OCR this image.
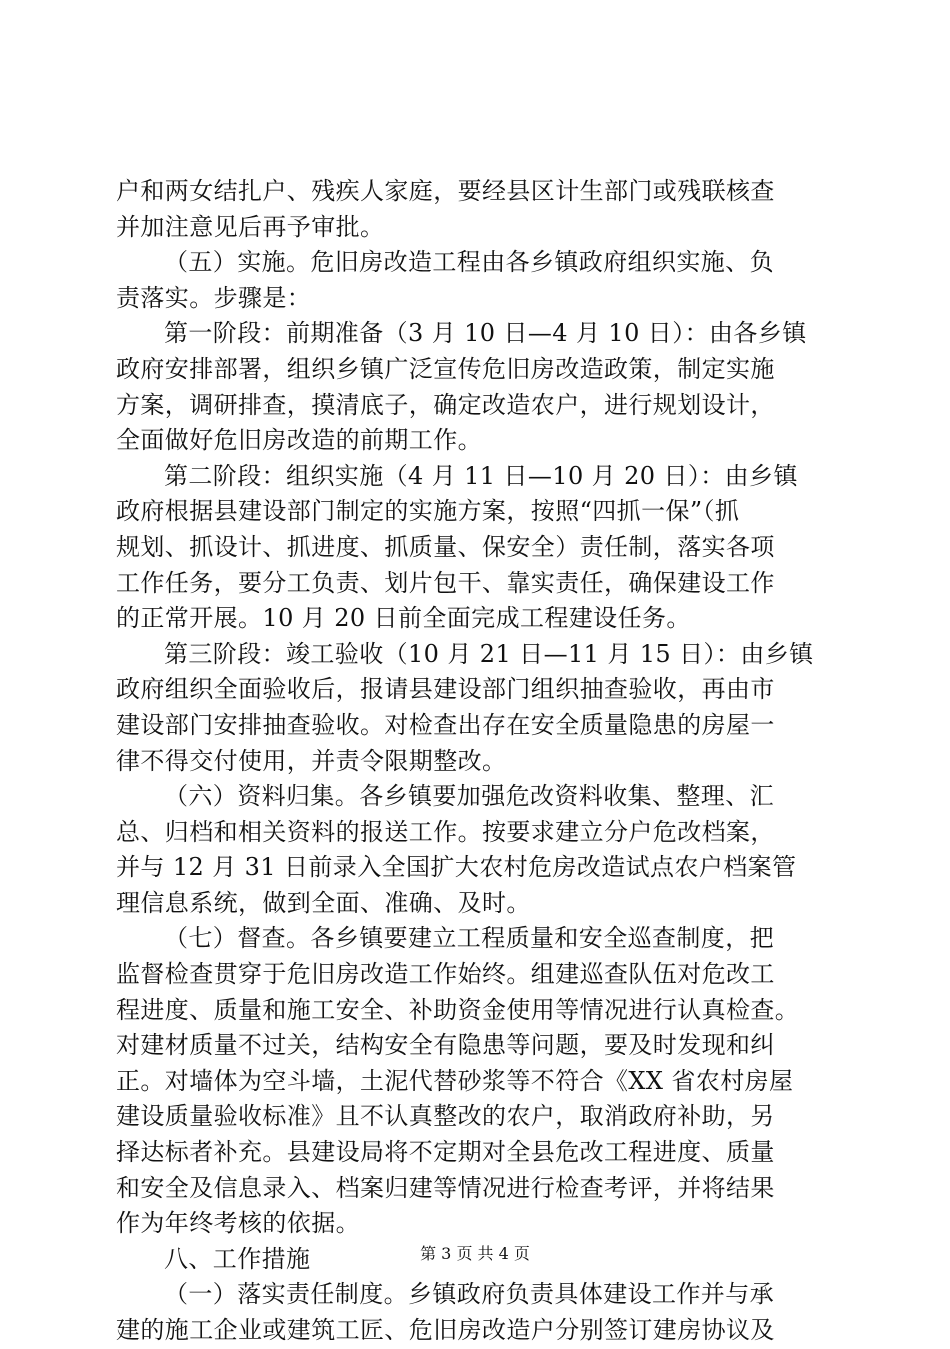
户和两女结扎户、残疾人家庭，要经县区计生部门或残联核查
并加注意见后再予审批。
（五）实施。危旧房改造工程由各乡镇政府组织实施、负
责落实。步骤是：
第一阶段：前期准备（3 月 10 日—4 月 10 日）：由各乡镇
政府安排部署，组织乡镇广泛宣传危旧房改造政策，制定实施
方案，调研排查，摸清底子，确定改造农户，进行规划设计，
全面做好危旧房改造的前期工作。
第二阶段：组织实施（4 月 11 日—10 月 20 日）：由乡镇
政府根据县建设部门制定的实施方案，按照“四抓一保”（抓
规划、抓设计、抓进度、抓质量、保安全）责任制，落实各项
工作任务，要分工负责、划片包干、靠实责任，确保建设工作
的正常开展。10 月 20 日前全面完成工程建设任务。
第三阶段：竣工验收（10 月 21 日—11 月 15 日）：由乡镇
政府组织全面验收后，报请县建设部门组织抽查验收，再由市
建设部门安排抽查验收。对检查出存在安全质量隐患的房屋一
律不得交付使用，并责令限期整改。
（六）资料归集。各乡镇要加强危改资料收集、整理、汇
总、归档和相关资料的报送工作。按要求建立分户危改档案，
并与 12 月 31 日前录入全国扩大农村危房改造试点农户档案管
理信息系统，做到全面、准确、及时。
（七）督查。各乡镇要建立工程质量和安全巡查制度，把
监督检查贯穿于危旧房改造工作始终。组建巡查队伍对危改工
程进度、质量和施工安全、补助资金使用等情况进行认真检查。
对建材质量不过关，结构安全有隐患等问题，要及时发现和纠
正。对墙体为空斗墙，土泥代替砂浆等不符合《XX 省农村房屋
建设质量验收标准》且不认真整改的农户，取消政府补助，另
择达标者补充。县建设局将不定期对全县危改工程进度、质量
和安全及信息录入、档案归建等情况进行检查考评，并将结果
作为年终考核的依据。
八、工作措施
（一）落实责任制度。乡镇政府负责具体建设工作并与承
建的施工企业或建筑工匠、危旧房改造户分别签订建房协议及
第 3 页 共 4 页
